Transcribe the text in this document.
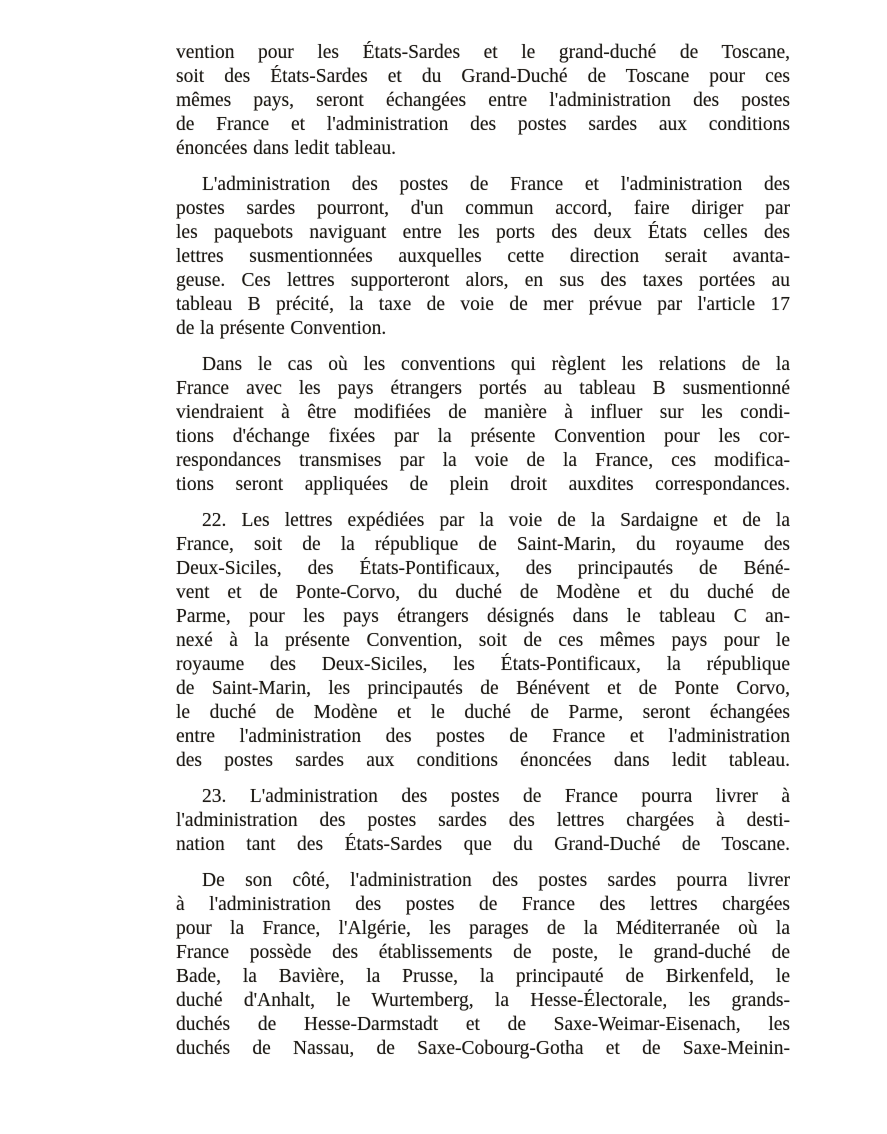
vention pour les États-Sardes et le grand-duché de Toscane,
soit des États-Sardes et du Grand-Duché de Toscane pour ces
mêmes pays, seront échangées entre l'administration des postes
de France et l'administration des postes sardes aux conditions
énoncées dans ledit tableau.
L'administration des postes de France et l'administration des
postes sardes pourront, d'un commun accord, faire diriger par
les paquebots naviguant entre les ports des deux États celles des
lettres susmentionnées auxquelles cette direction serait avanta-
geuse. Ces lettres supporteront alors, en sus des taxes portées au
tableau B précité, la taxe de voie de mer prévue par l'article 17
de la présente Convention.
Dans le cas où les conventions qui règlent les relations de la
France avec les pays étrangers portés au tableau B susmentionné
viendraient à être modifiées de manière à influer sur les condi-
tions d'échange fixées par la présente Convention pour les cor-
respondances transmises par la voie de la France, ces modifica-
tions seront appliquées de plein droit auxdites correspondances.
22. Les lettres expédiées par la voie de la Sardaigne et de la
France, soit de la république de Saint-Marin, du royaume des
Deux-Siciles, des États-Pontificaux, des principautés de Béné-
vent et de Ponte-Corvo, du duché de Modène et du duché de
Parme, pour les pays étrangers désignés dans le tableau C an-
nexé à la présente Convention, soit de ces mêmes pays pour le
royaume des Deux-Siciles, les États-Pontificaux, la république
de Saint-Marin, les principautés de Bénévent et de Ponte Corvo,
le duché de Modène et le duché de Parme, seront échangées
entre l'administration des postes de France et l'administration
des postes sardes aux conditions énoncées dans ledit tableau.
23. L'administration des postes de France pourra livrer à
l'administration des postes sardes des lettres chargées à desti-
nation tant des États-Sardes que du Grand-Duché de Toscane.
De son côté, l'administration des postes sardes pourra livrer
à l'administration des postes de France des lettres chargées
pour la France, l'Algérie, les parages de la Méditerranée où la
France possède des établissements de poste, le grand-duché de
Bade, la Bavière, la Prusse, la principauté de Birkenfeld, le
duché d'Anhalt, le Wurtemberg, la Hesse-Électorale, les grands-
duchés de Hesse-Darmstadt et de Saxe-Weimar-Eisenach, les
duchés de Nassau, de Saxe-Cobourg-Gotha et de Saxe-Meinin-
